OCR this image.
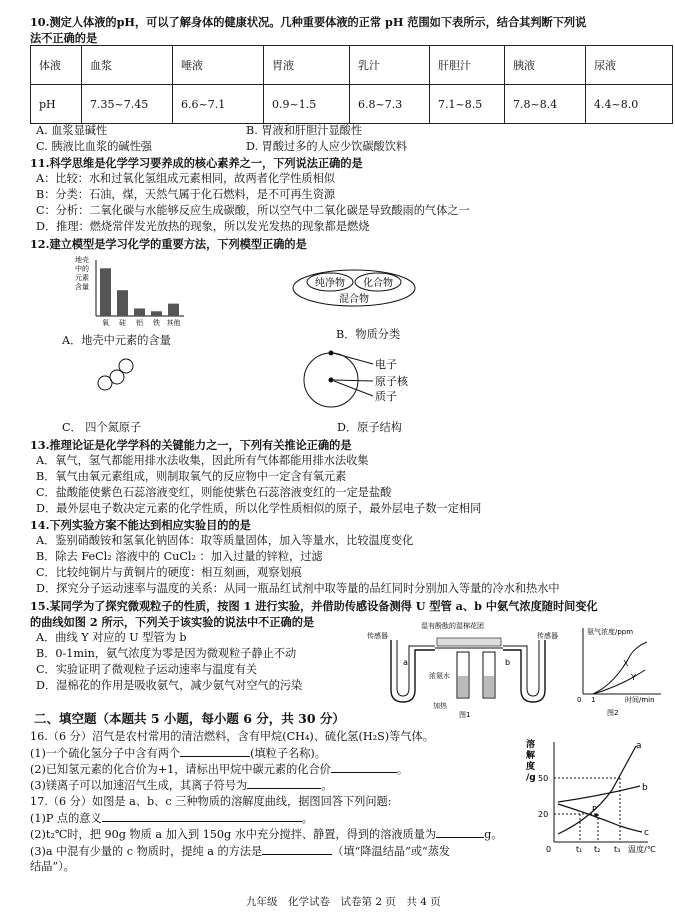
10.测定人体液的pH，可以了解身体的健康状况。几种重要体液的正常 pH 范围如下表所示，结合其判断下列说
法不正确的是
体液	血浆	唾液	胃液	乳汁	肝胆汁	胰液	尿液
pH	7.35~7.45	6.6~7.1	0.9~1.5	6.8~7.3	7.1~8.5	7.8~8.4	4.4~8.0
A. 血浆显碱性	B. 胃液和肝胆汁显酸性
C. 胰液比血浆的碱性强	D. 胃酸过多的人应少饮碳酸饮料
11.科学思维是化学学习要养成的核心素养之一，下列说法正确的是
A：比较：水和过氧化氢组成元素相同，故两者化学性质相似
B：分类：石油，煤，天然气属于化石燃料，是不可再生资源
C：分析：二氧化碳与水能够反应生成碳酸，所以空气中二氧化碳是导致酸雨的气体之一
D．推理：燃烧常伴发光放热的现象，所以发光发热的现象都是燃烧
12.建立模型是学习化学的重要方法，下列模型正确的是
地壳
中的
元素
含量
氧 硅 铝 铁 其他
A．地壳中元素的含量
纯净物 化合物
混合物
B．物质分类
C． 四个氮原子
电子
原子核
质子
D．原子结构
13.推理论证是化学学科的关键能力之一，下列有关推论正确的是
A．氧气，氢气都能用排水法收集，因此所有气体都能用排水法收集
B．氧气由氧元素组成，则制取氧气的反应物中一定含有氧元素
C．盐酸能使紫色石蕊溶液变红，则能使紫色石蕊溶液变红的一定是盐酸
D．最外层电子数决定元素的化学性质，所以化学性质相似的原子，最外层电子数一定相同
14.下列实验方案不能达到相应实验目的的是
A．鉴别硝酸铵和氢氧化钠固体：取等质量固体，加入等量水，比较温度变化
B．除去 FeCl₂ 溶液中的 CuCl₂ ：加入过量的锌粒，过滤
C．比较纯铜片与黄铜片的硬度：相互刻画，观察划痕
D．探究分子运动速率与温度的关系：从同一瓶品红试剂中取等量的品红同时分别加入等量的冷水和热水中
15.某同学为了探究微观粒子的性质，按图 1 进行实验，并借助传感设备测得 U 型管 a、b 中氨气浓度随时间变化
的曲线如图 2 所示，下列关于该实验的说法中不正确的是
A．曲线 Y 对应的 U 型管为 b
B．0-1min，氨气浓度为零是因为微观粒子静止不动
C．实验证明了微观粒子运动速率与温度有关
D．湿棉花的作用是吸收氨气，减少氨气对空气的污染
湿有酚酞的湿棉花团
传感器	传感器
浓氨水
加热
a	b
图1
氨气浓度/ppm
X
Y
0 1	时间/min
图2
二、填空题（本题共 5 小题，每小题 6 分，共 30 分）
16.（6 分）沼气是农村常用的清洁燃料，含有甲烷(CH₄)、硫化氢(H₂S)等气体。
(1)一个硫化氢分子中含有两个	(填粒子名称)。
(2)已知氢元素的化合价为+1，请标出甲烷中碳元素的化合价	。
(3)镁离子可以加速沼气生成，其离子符号为	。
17.（6 分）如图是 a、b、c 三种物质的溶解度曲线，据图回答下列问题:
(1)P 点的意义	。
(2)t₂℃时，把 90g 物质 a 加入到 150g 水中充分搅拌、静置，得到的溶液质量为	g。
(3)a 中混有少量的 c 物质时，提纯 a 的方法是	（填“降温结晶”或“蒸发
结晶”）。
溶
解
度
/g 50
20
a
b
c
P
0	t₁ t₂ t₃ 温度/℃
九年级　化学试卷　试卷第 2 页　共 4 页
